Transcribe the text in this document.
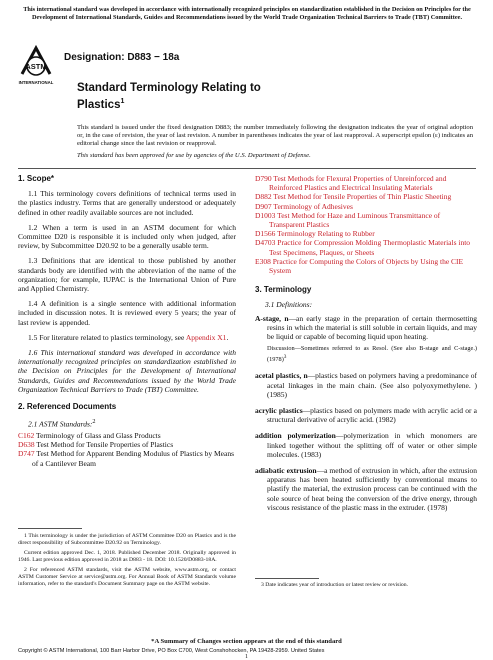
This international standard was developed in accordance with internationally recognized principles on standardization established in the Decision on Principles for the Development of International Standards, Guides and Recommendations issued by the World Trade Organization Technical Barriers to Trade (TBT) Committee.
ASTM
INTERNATIONAL
Designation: D883 − 18a
Standard Terminology Relating to
Plastics$^1$
This standard is issued under the fixed designation D883; the number immediately following the designation indicates the year of original adoption or, in the case of revision, the year of last revision. A number in parentheses indicates the year of last reapproval. A superscript epsilon (ε) indicates an editorial change since the last revision or reapproval.
This standard has been approved for use by agencies of the U.S. Department of Defense.
1. Scope*

1.1 This terminology covers definitions of technical terms used in the plastics industry. Terms that are generally understood or adequately defined in other readily available sources are not included.

1.2 When a term is used in an ASTM document for which Committee D20 is responsible it is included only when judged, after review, by Subcommittee D20.92 to be a generally usable term.

1.3 Definitions that are identical to those published by another standards body are identified with the abbreviation of the name of the organization; for example, IUPAC is the International Union of Pure and Applied Chemistry.

1.4 A definition is a single sentence with additional information included in discussion notes. It is reviewed every 5 years; the year of last review is appended.

1.5 For literature related to plastics terminology, see Appendix X1.

1.6 This international standard was developed in accordance with internationally recognized principles on standardization established in the Decision on Principles for the Development of International Standards, Guides and Recommendations issued by the World Trade Organization Technical Barriers to Trade (TBT) Committee.

2. Referenced Documents

2.1 ASTM Standards:$^2$

C162 Terminology of Glass and Glass Products
D638 Test Method for Tensile Properties of Plastics
D747 Test Method for Apparent Bending Modulus of Plastics by Means of a Cantilever Beam

1 This terminology is under the jurisdiction of ASTM Committee D20 on Plastics and is the direct responsibility of Subcommittee D20.92 on Terminology.

Current edition approved Dec. 1, 2018. Published December 2018. Originally approved in 1946. Last previous edition approved in 2018 as D883 - 18. DOI: 10.1520/D0883-18A.

2 For referenced ASTM standards, visit the ASTM website, www.astm.org, or contact ASTM Customer Service at service@astm.org. For Annual Book of ASTM Standards volume information, refer to the standard's Document Summary page on the ASTM website.

D790 Test Methods for Flexural Properties of Unreinforced and Reinforced Plastics and Electrical Insulating Materials
D882 Test Method for Tensile Properties of Thin Plastic Sheeting
D907 Terminology of Adhesives
D1003 Test Method for Haze and Luminous Transmittance of Transparent Plastics
D1566 Terminology Relating to Rubber
D4703 Practice for Compression Molding Thermoplastic Materials into Test Specimens, Plaques, or Sheets
E308 Practice for Computing the Colors of Objects by Using the CIE System
3. Terminology

3.1 Definitions:

A-stage, n—an early stage in the preparation of certain thermosetting resins in which the material is still soluble in certain liquids, and may be liquid or capable of becoming liquid upon heating.

Discussion—Sometimes referred to as Resol. (See also B-stage and C-stage.) $(1978)^3$

acetal plastics, n—plastics based on polymers having a predominance of acetal linkages in the main chain. (See also polyoxymethylene. ) (1985)

acrylic plastics—plastics based on polymers made with acrylic acid or a structural derivative of acrylic acid. (1982)

addition polymerization—polymerization in which monomers are linked together without the splitting off of water or other simple molecules. (1983)

adiabatic extrusion—a method of extrusion in which, after the extrusion apparatus has been heated sufficiently by conventional means to plastify the material, the extrusion process can be continued with the sole source of heat being the conversion of the drive energy, through viscous resistance of the plastic mass in the extruder. (1978)

3 Date indicates year of introduction or latest review or revision.

*A Summary of Changes section appears at the end of this standard
Copyright © ASTM International, 100 Barr Harbor Drive, PO Box C700, West Conshohocken, PA 19428-2959. United States
1
